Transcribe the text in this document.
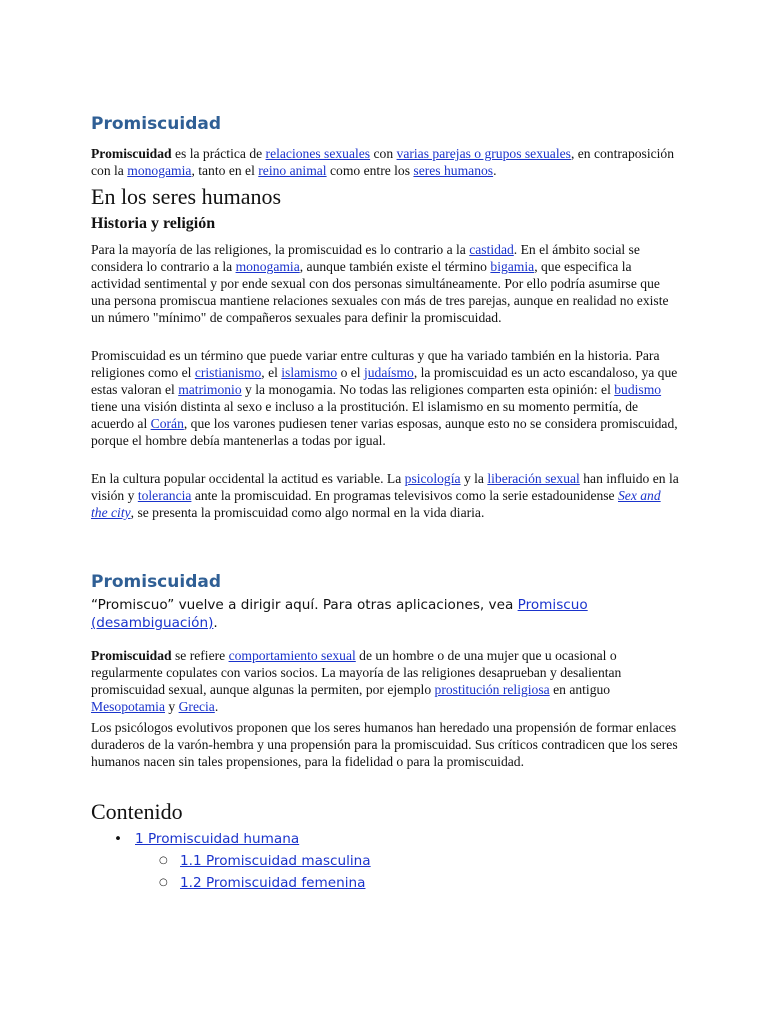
Promiscuidad

Promiscuidad es la práctica de relaciones sexuales con varias parejas o grupos sexuales, en contraposición con la monogamia, tanto en el reino animal como entre los seres humanos.

En los seres humanos
Historia y religión

Para la mayoría de las religiones, la promiscuidad es lo contrario a la castidad. En el ámbito social se considera lo contrario a la monogamia, aunque también existe el término bigamia, que especifica la actividad sentimental y por ende sexual con dos personas simultáneamente. Por ello podría asumirse que una persona promiscua mantiene relaciones sexuales con más de tres parejas, aunque en realidad no existe un número "mínimo" de compañeros sexuales para definir la promiscuidad.

Promiscuidad es un término que puede variar entre culturas y que ha variado también en la historia. Para religiones como el cristianismo, el islamismo o el judaísmo, la promiscuidad es un acto escandaloso, ya que estas valoran el matrimonio y la monogamia. No todas las religiones comparten esta opinión: el budismo tiene una visión distinta al sexo e incluso a la prostitución. El islamismo en su momento permitía, de acuerdo al Corán, que los varones pudiesen tener varias esposas, aunque esto no se considera promiscuidad, porque el hombre debía mantenerlas a todas por igual.

En la cultura popular occidental la actitud es variable. La psicología y la liberación sexual han influido en la visión y tolerancia ante la promiscuidad. En programas televisivos como la serie estadounidense Sex and the city, se presenta la promiscuidad como algo normal en la vida diaria.

Promiscuidad

“Promiscuo” vuelve a dirigir aquí. Para otras aplicaciones, vea Promiscuo (desambiguación).

Promiscuidad se refiere comportamiento sexual de un hombre o de una mujer que u ocasional o regularmente copulates con varios socios. La mayoría de las religiones desaprueban y desalientan promiscuidad sexual, aunque algunas la permiten, por ejemplo prostitución religiosa en antiguo Mesopotamia y Grecia.

Los psicólogos evolutivos proponen que los seres humanos han heredado una propensión de formar enlaces duraderos de la varón-hembra y una propensión para la promiscuidad. Sus críticos contradicen que los seres humanos nacen sin tales propensiones, para la fidelidad o para la promiscuidad.

Contenido
• 1 Promiscuidad humana
○ 1.1 Promiscuidad masculina
○ 1.2 Promiscuidad femenina
